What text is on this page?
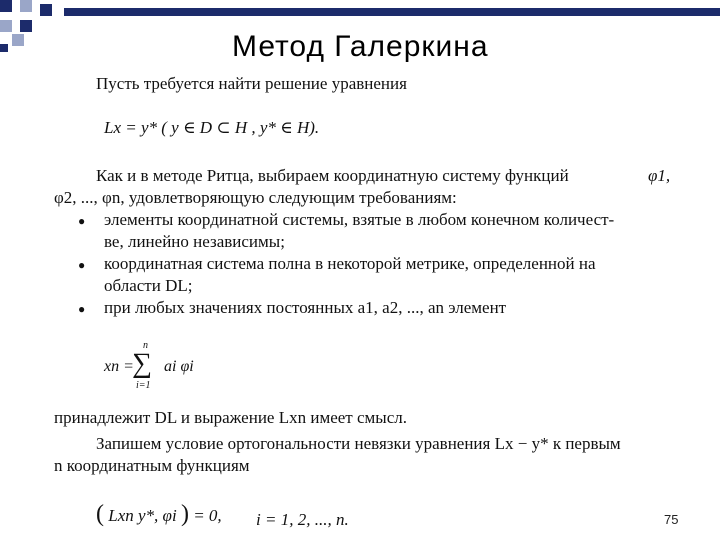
Метод Галеркина
Пусть требуется найти решение уравнения
Lx = y* ( y ∈ D ⊂ H , y* ∈ H).
Как и в методе Ритца, выбираем координатную систему функций	φ1,
φ2, ..., φn, удовлетворяющую следующим требованиям:
● элементы координатной системы, взятые в любом конечном количест-
ве, линейно независимы;
● координатная система полна в некоторой метрике, определенной на
области DL;
● при любых значениях постоянных a1, a2, ..., an элемент
xn =
n
∑
i=1
ai φi
принадлежит DL и выражение Lxn имеет смысл.
Запишем условие ортогональности невязки уравнения Lx − y* к первым
n координатным функциям
( Lxn y*, φi ) = 0, i = 1, 2, ..., n.	75
